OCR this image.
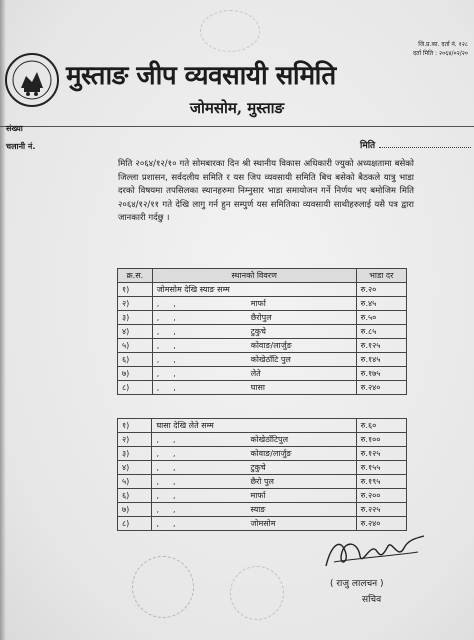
जि.प्र.का. दर्ता नं. १२८
दर्ता मिति : २०६४/०२/२०
मुस्ताङ जीप व्यवसायी समिति
जोमसोम, मुस्ताङ
संख्या
चलानी नं.	मिति
मिति २०६४/१२/१० गते सोमबारका दिन श्री स्थानीय विकास अधिकारी ज्युको अध्यक्षतामा बसेको जिल्ला प्रशासन, सर्वदलीय समिति र यस जिप व्यवसायी समिति बिच बसेको बैठकले यात्रु भाडा दरको विषयमा तपसिलका स्थानहरुमा निम्नुसार भाडा समायोजन गर्ने निर्णय भए बमोजिम मिति २०६४/१२/११ गते देखि लागु गर्न हुन सम्पुर्ण यस समितिका व्यवसायी साथीहरुलाई यसै पत्र द्वारा जानकारी गर्दछु ।
क्र.स.	स्थानको विवरण	भाडा दर
१)	जोमसोम देखि स्याङ सम्म	रु.२०
२)	,, मार्फा	रु.४५
३)	,, छैरोपुल	रु.५०
४)	,, टुकुचे	रु.८५
५)	,, कोवाङ/लार्जुङ	रु.१२५
६)	,, कोखेठाँटि पुल	रु.१४५
७)	,, लेते	रु.१७५
८)	,, घासा	रु.२४०
१)	घासा देखि लेते सम्म	रु.६०
२)	,, कोखेठाँटिपुल	रु.१००
३)	,, कोवाङ/लार्जुङ	रु.१२५
४)	,, टुकुचे	रु.१५५
५)	,, छैरो पुल	रु.१९५
६)	,, मार्फा	रु.२००
७)	,, स्याङ	रु.२२५
८)	,, जोमसोम	रु.२४०
( राजु लालचन )
सचिव
